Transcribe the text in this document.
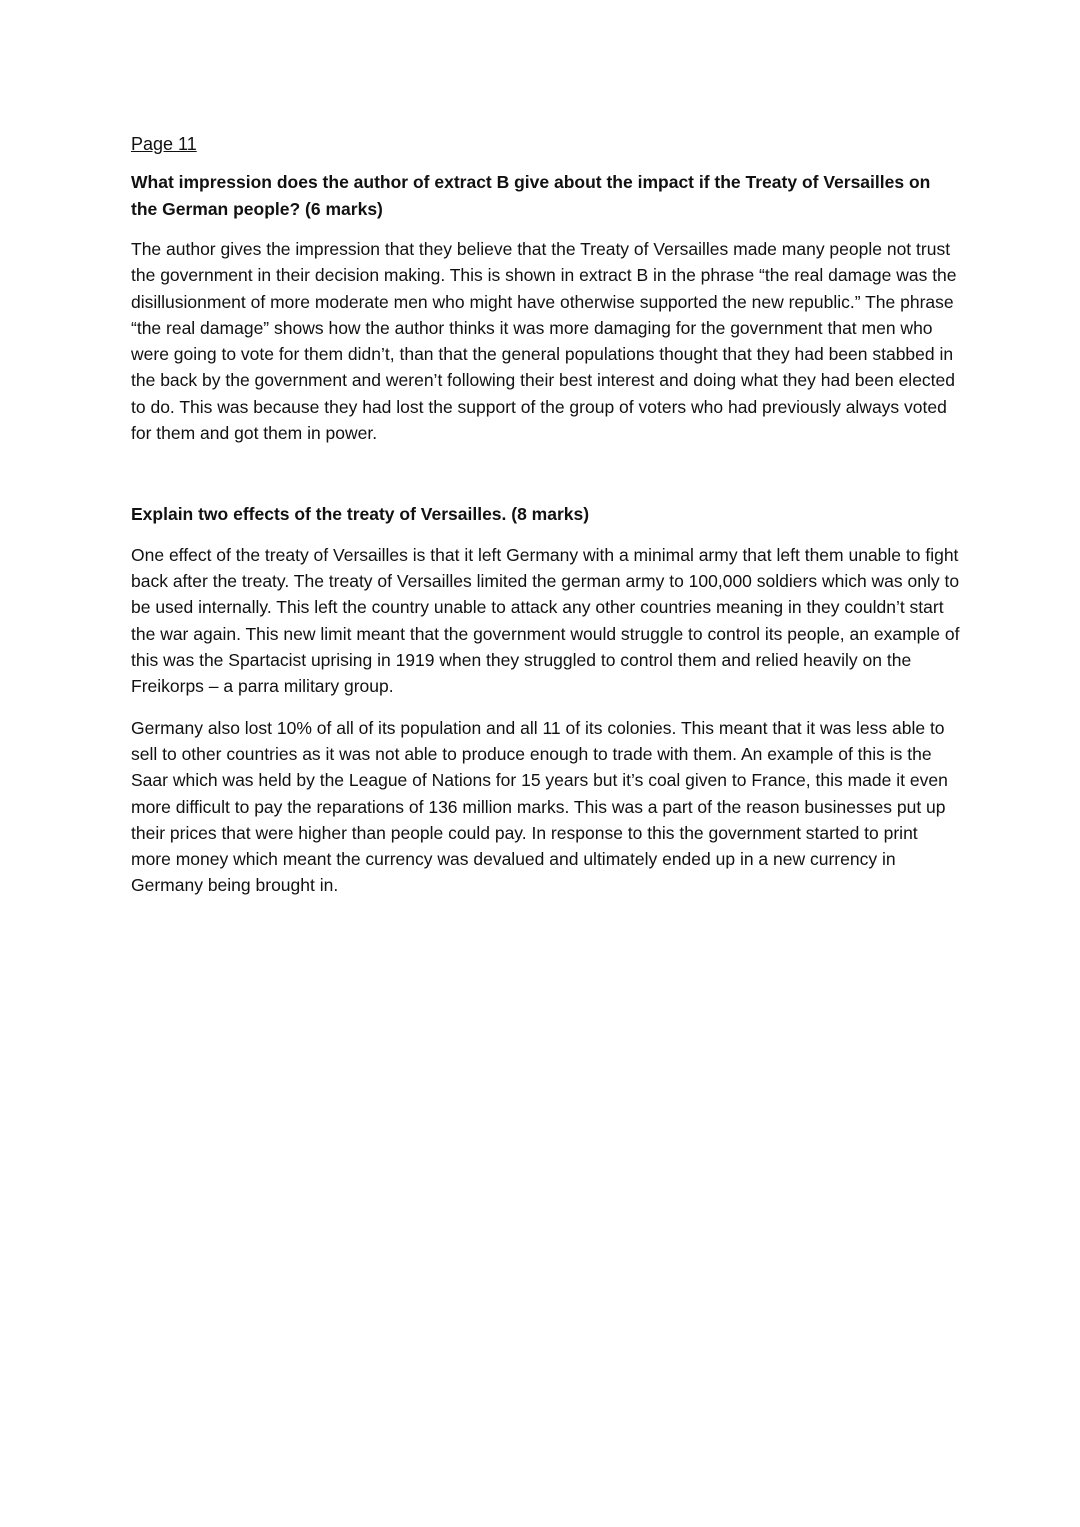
Page 11
What impression does the author of extract B give about the impact if the Treaty of Versailles on the German people? (6 marks)
The author gives the impression that they believe that the Treaty of Versailles made many people not trust the government in their decision making. This is shown in extract B in the phrase “the real damage was the disillusionment of more moderate men who might have otherwise supported the new republic.” The phrase “the real damage” shows how the author thinks it was more damaging for the government that men who were going to vote for them didn’t, than that the general populations thought that they had been stabbed in the back by the government and weren’t following their best interest and doing what they had been elected to do. This was because they had lost the support of the group of voters who had previously always voted for them and got them in power.
Explain two effects of the treaty of Versailles. (8 marks)
One effect of the treaty of Versailles is that it left Germany with a minimal army that left them unable to fight back after the treaty. The treaty of Versailles limited the german army to 100,000 soldiers which was only to be used internally. This left the country unable to attack any other countries meaning in they couldn’t start the war again. This new limit meant that the government would struggle to control its people, an example of this was the Spartacist uprising in 1919 when they struggled to control them and relied heavily on the Freikorps – a parra military group.
Germany also lost 10% of all of its population and all 11 of its colonies. This meant that it was less able to sell to other countries as it was not able to produce enough to trade with them. An example of this is the Saar which was held by the League of Nations for 15 years but it’s coal given to France, this made it even more difficult to pay the reparations of 136 million marks. This was a part of the reason businesses put up their prices that were higher than people could pay. In response to this the government started to print more money which meant the currency was devalued and ultimately ended up in a new currency in Germany being brought in.
